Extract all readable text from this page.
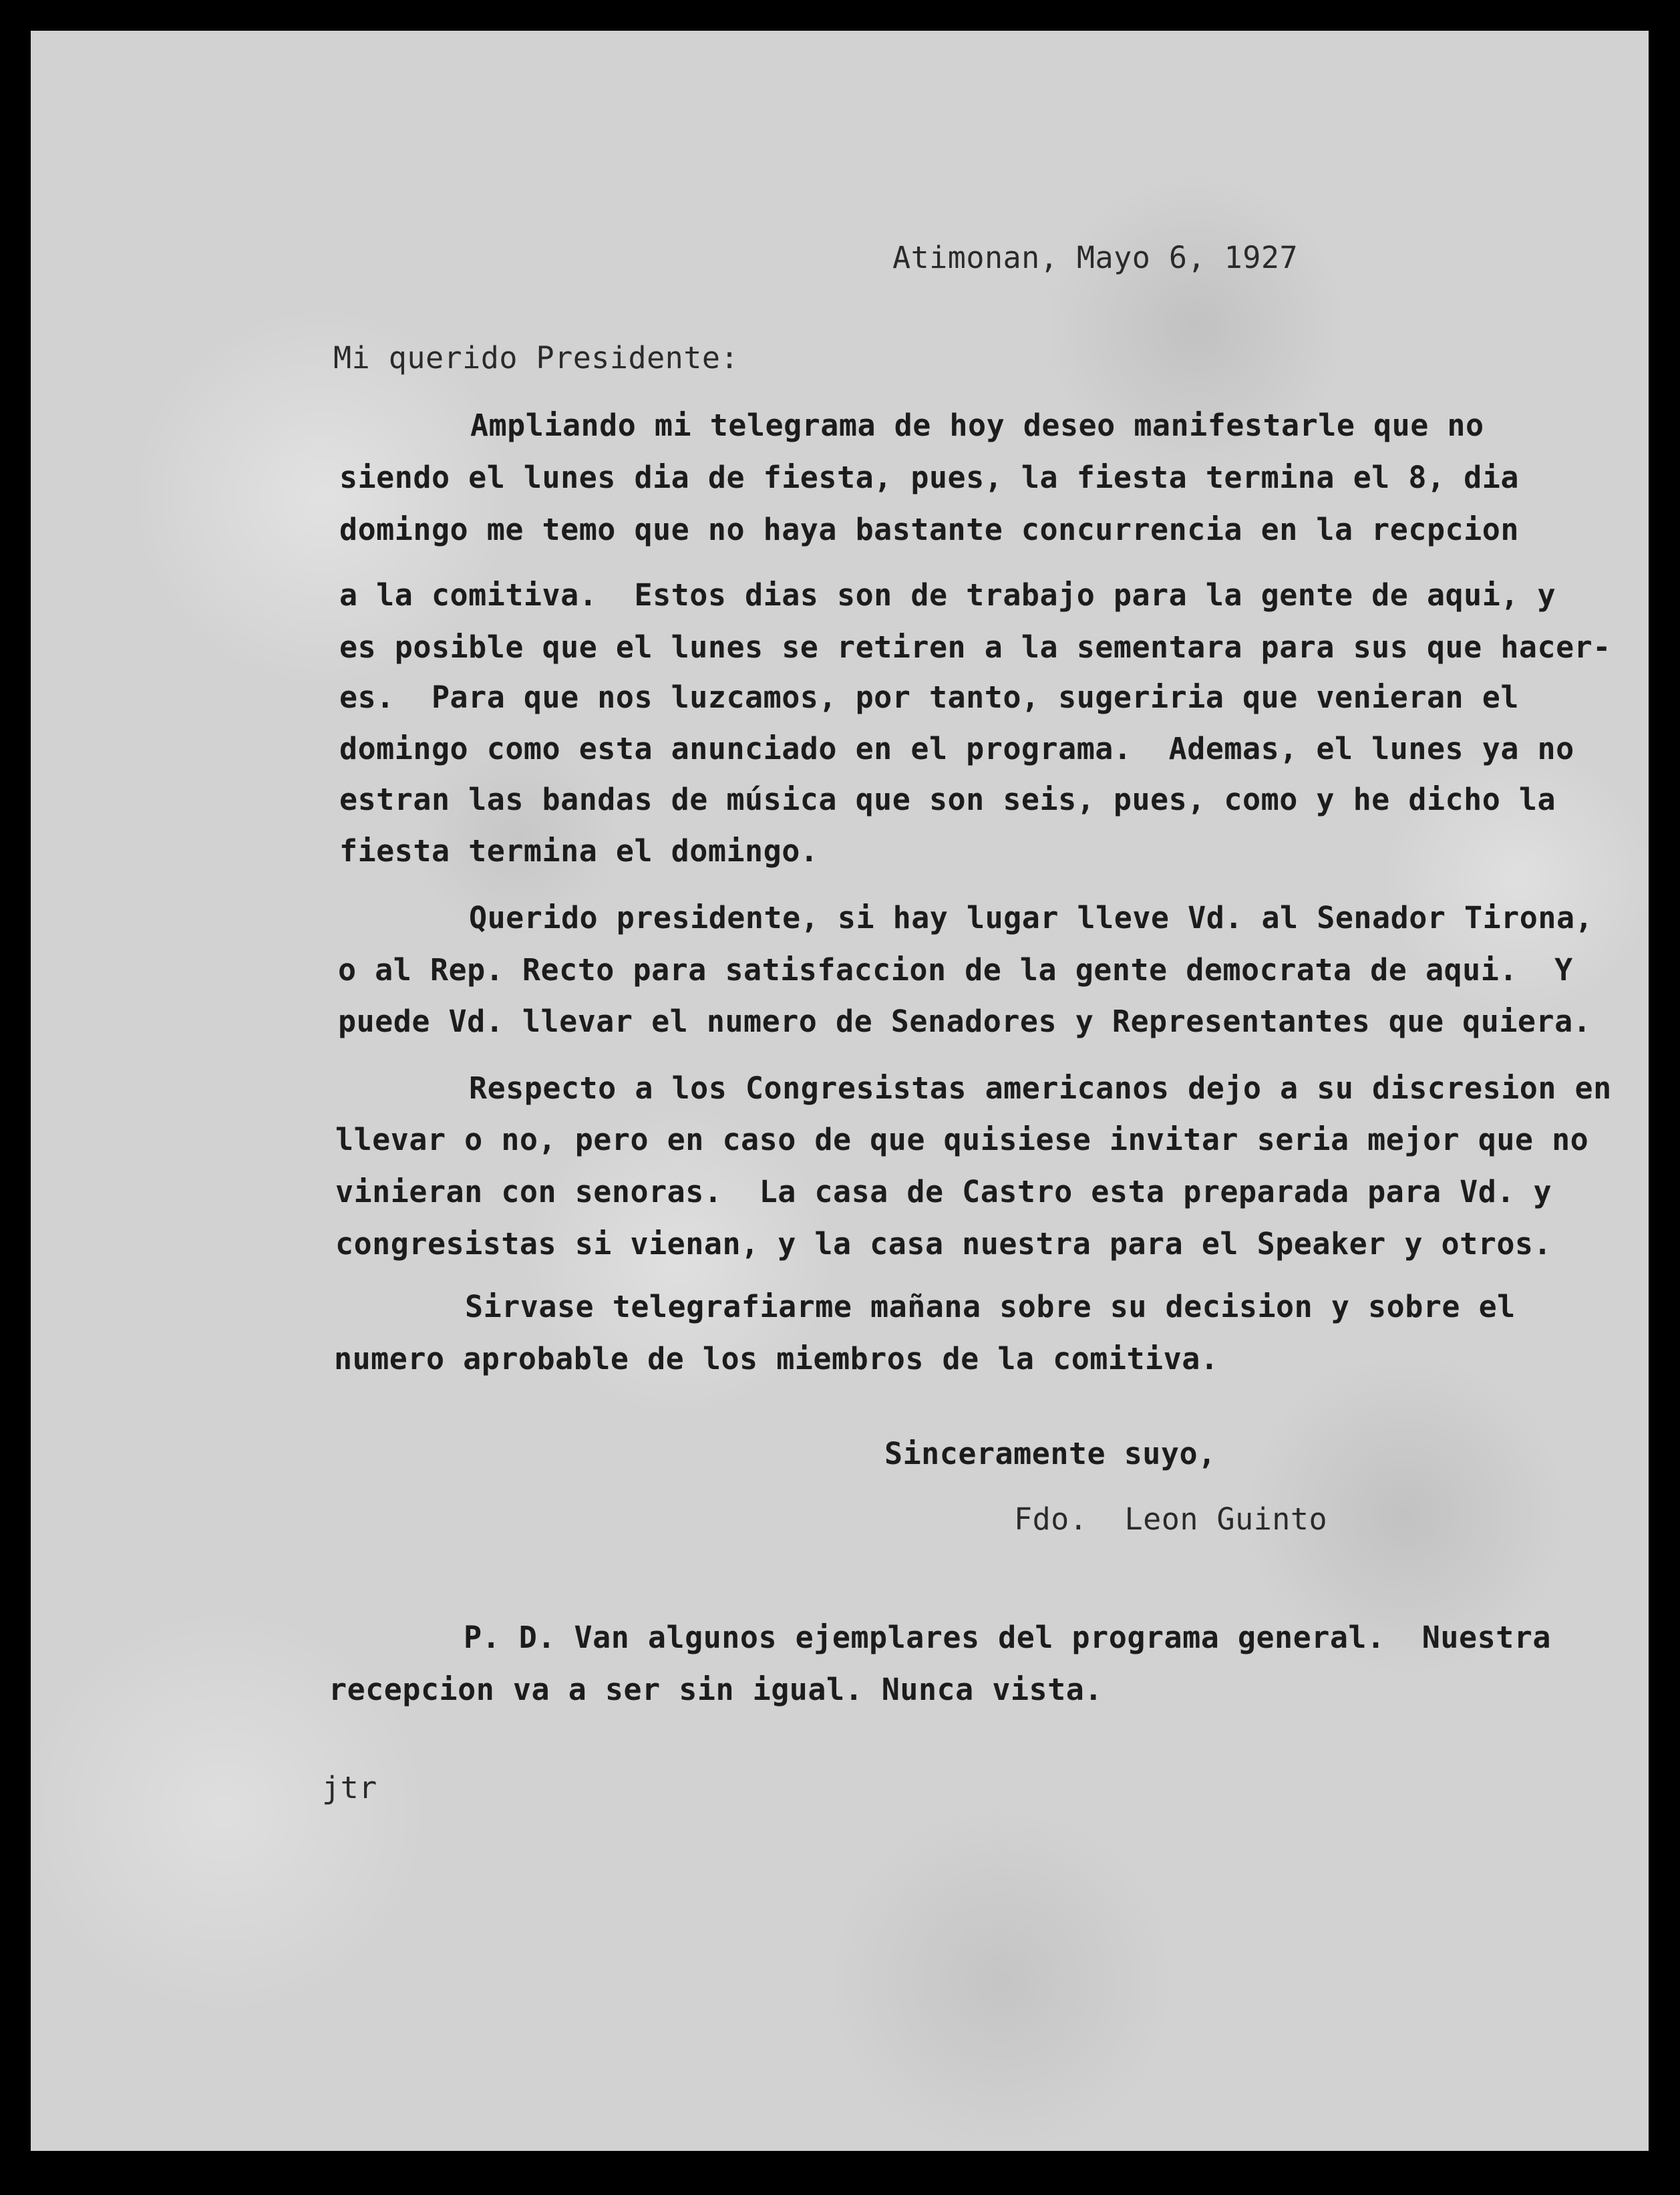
Atimonan, Mayo 6, 1927

Mi querido Presidente:

Ampliando mi telegrama de hoy deseo manifestarle que no

siendo el lunes dia de fiesta, pues, la fiesta termina el 8, dia

domingo me temo que no haya bastante concurrencia en la recpcion

a la comitiva.  Estos dias son de trabajo para la gente de aqui, y

es posible que el lunes se retiren a la sementara para sus que hacer-

es.  Para que nos luzcamos, por tanto, sugeriria que venieran el

domingo como esta anunciado en el programa.  Ademas, el lunes ya no

estran las bandas de música que son seis, pues, como y he dicho la

fiesta termina el domingo.

Querido presidente, si hay lugar lleve Vd. al Senador Tirona,

o al Rep. Recto para satisfaccion de la gente democrata de aqui.  Y

puede Vd. llevar el numero de Senadores y Representantes que quiera.

Respecto a los Congresistas americanos dejo a su discresion en

llevar o no, pero en caso de que quisiese invitar seria mejor que no

vinieran con senoras.  La casa de Castro esta preparada para Vd. y

congresistas si vienan, y la casa nuestra para el Speaker y otros.

Sirvase telegrafiarme mañana sobre su decision y sobre el

numero aprobable de los miembros de la comitiva.

Sinceramente suyo,

Fdo.  Leon Guinto

P. D. Van algunos ejemplares del programa general.  Nuestra

recepcion va a ser sin igual. Nunca vista.

jtr
